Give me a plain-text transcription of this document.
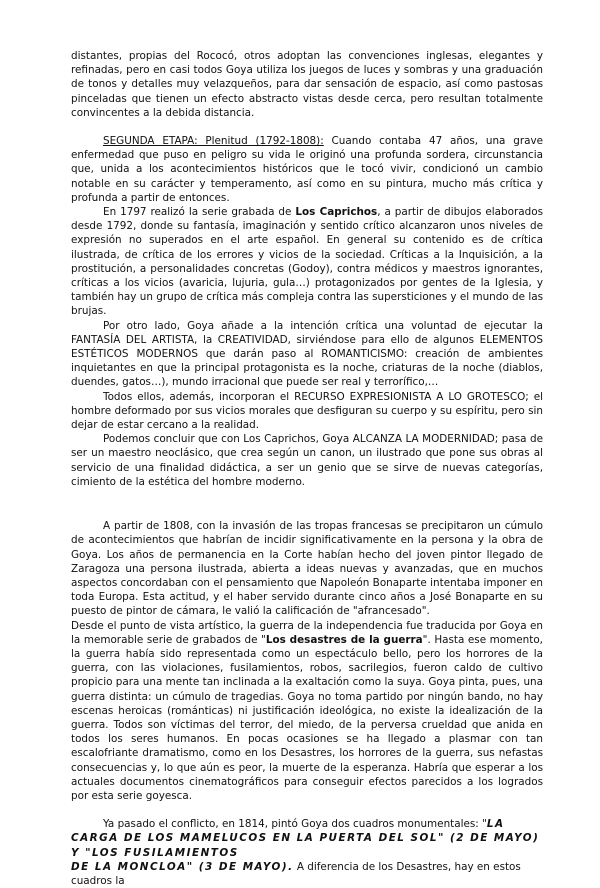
distantes, propias del Rococó, otros adoptan las convenciones inglesas, elegantes y refinadas, pero en casi todos Goya utiliza los juegos de luces y sombras y una graduación de tonos y detalles muy velazqueños, para dar sensación de espacio, así como pastosas pinceladas que tienen un efecto abstracto vistas desde cerca, pero resultan totalmente convincentes a la debida distancia.

SEGUNDA ETAPA: Plenitud (1792-1808): Cuando contaba 47 años, una grave enfermedad que puso en peligro su vida le originó una profunda sordera, circunstancia que, unida a los acontecimientos históricos que le tocó vivir, condicionó un cambio notable en su carácter y temperamento, así como en su pintura, mucho más crítica y profunda a partir de entonces.

En 1797 realizó la serie grabada de Los Caprichos, a partir de dibujos elaborados desde 1792, donde su fantasía, imaginación y sentido crítico alcanzaron unos niveles de expresión no superados en el arte español. En general su contenido es de crítica ilustrada, de crítica de los errores y vicios de la sociedad. Críticas a la Inquisición, a la prostitución, a personalidades concretas (Godoy), contra médicos y maestros ignorantes, críticas a los vicios (avaricia, lujuria, gula…) protagonizados por gentes de la Iglesia, y también hay un grupo de crítica más compleja contra las supersticiones y el mundo de las brujas.

Por otro lado, Goya añade a la intención crítica una voluntad de ejecutar la FANTASÍA DEL ARTISTA, la CREATIVIDAD, sirviéndose para ello de algunos ELEMENTOS ESTÉTICOS MODERNOS que darán paso al ROMANTICISMO: creación de ambientes inquietantes en que la principal protagonista es la noche, criaturas de la noche (diablos, duendes, gatos…), mundo irracional que puede ser real y terrorífico,…

Todos ellos, además, incorporan el RECURSO EXPRESIONISTA A LO GROTESCO; el hombre deformado por sus vicios morales que desfiguran su cuerpo y su espíritu, pero sin dejar de estar cercano a la realidad.

Podemos concluir que con Los Caprichos, Goya ALCANZA LA MODERNIDAD; pasa de ser un maestro neoclásico, que crea según un canon, un ilustrado que pone sus obras al servicio de una finalidad didáctica, a ser un genio que se sirve de nuevas categorías, cimiento de la estética del hombre moderno.

A partir de 1808, con la invasión de las tropas francesas se precipitaron un cúmulo de acontecimientos que habrían de incidir significativamente en la persona y la obra de Goya. Los años de permanencia en la Corte habían hecho del joven pintor llegado de Zaragoza una persona ilustrada, abierta a ideas nuevas y avanzadas, que en muchos aspectos concordaban con el pensamiento que Napoleón Bonaparte intentaba imponer en toda Europa. Esta actitud, y el haber servido durante cinco años a José Bonaparte en su puesto de pintor de cámara, le valió la calificación de "afrancesado".

Desde el punto de vista artístico, la guerra de la independencia fue traducida por Goya en la memorable serie de grabados de "Los desastres de la guerra". Hasta ese momento, la guerra había sido representada como un espectáculo bello, pero los horrores de la guerra, con las violaciones, fusilamientos, robos, sacrilegios, fueron caldo de cultivo propicio para una mente tan inclinada a la exaltación como la suya. Goya pinta, pues, una guerra distinta: un cúmulo de tragedias. Goya no toma partido por ningún bando, no hay escenas heroicas (románticas) ni justificación ideológica, no existe la idealización de la guerra. Todos son víctimas del terror, del miedo, de la perversa crueldad que anida en todos los seres humanos. En pocas ocasiones se ha llegado a plasmar con tan escalofriante dramatismo, como en los Desastres, los horrores de la guerra, sus nefastas consecuencias y, lo que aún es peor, la muerte de la esperanza. Habría que esperar a los actuales documentos cinematográficos para conseguir efectos parecidos a los logrados por esta serie goyesca.

Ya pasado el conflicto, en 1814, pintó Goya dos cuadros monumentales: "LA CARGA DE LOS MAMELUCOS EN LA PUERTA DEL SOL" (2 DE MAYO) Y "LOS FUSILAMIENTOS
DE LA MONCLOA" (3 DE MAYO). A diferencia de los Desastres, hay en estos cuadros la
